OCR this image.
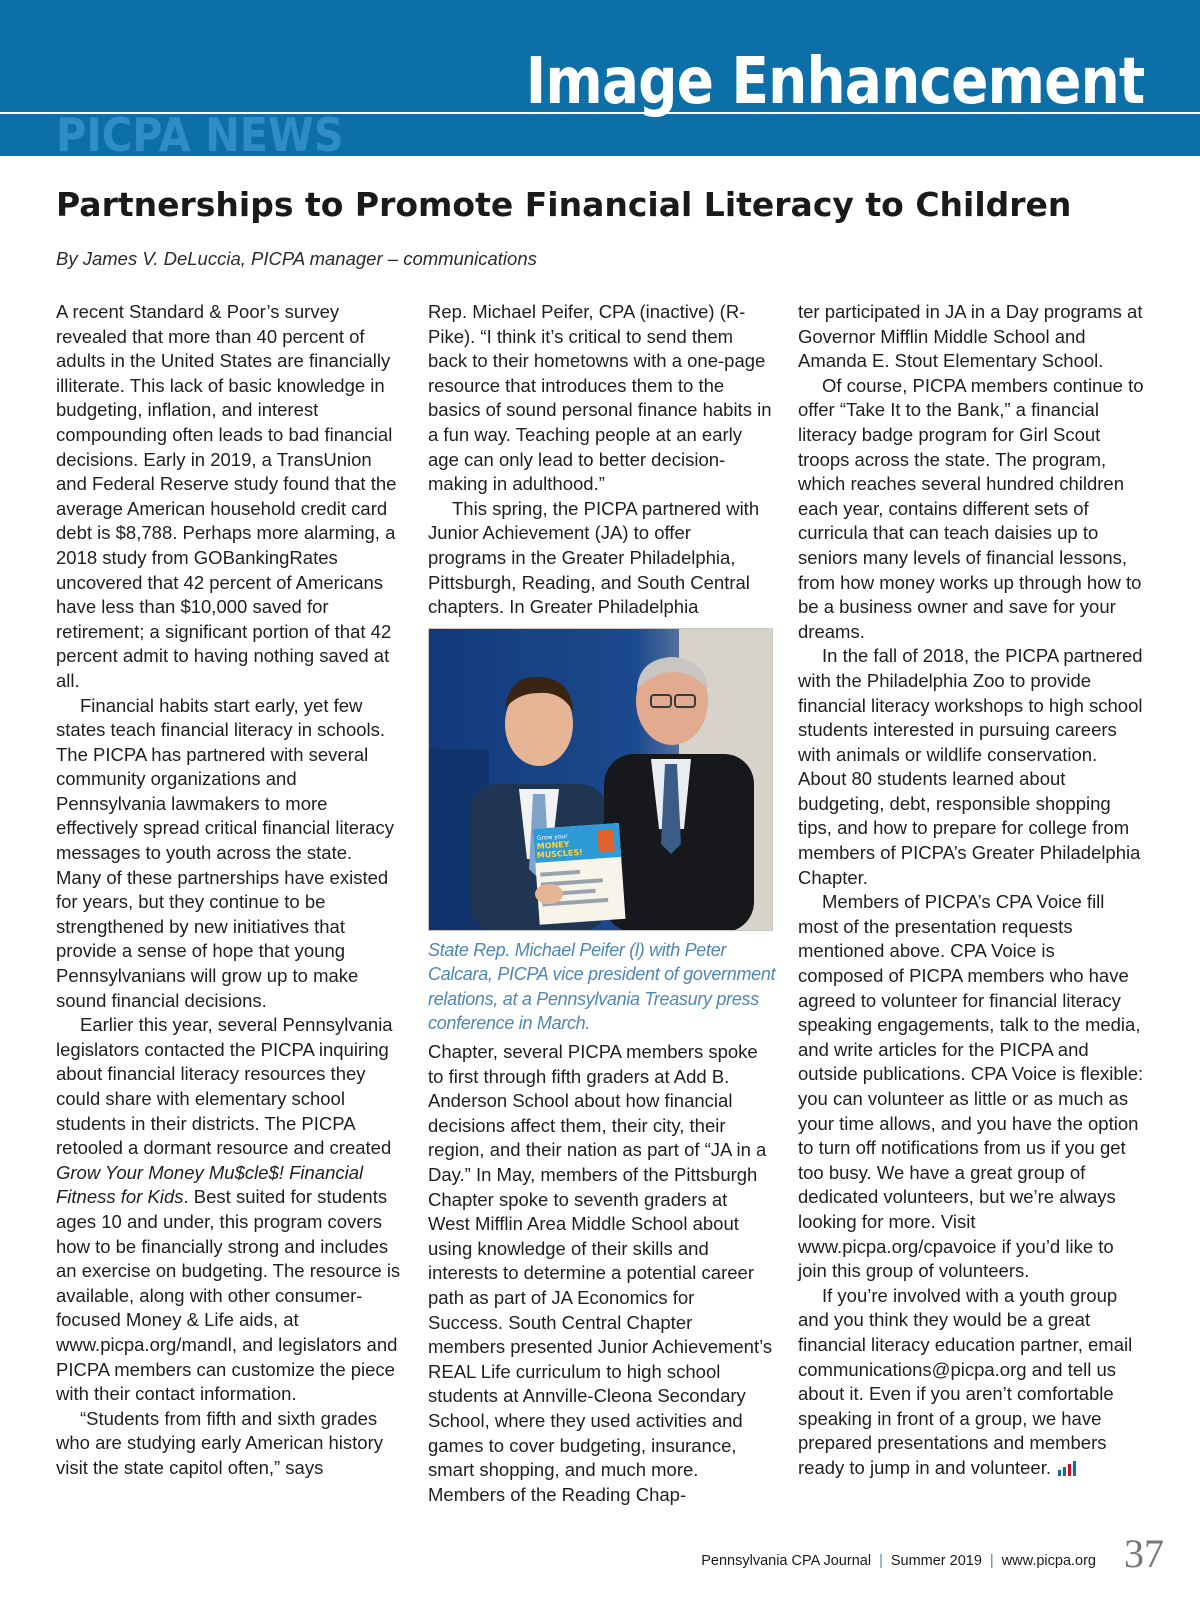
Image Enhancement
PICPA NEWS
Partnerships to Promote Financial Literacy to Children
By James V. DeLuccia, PICPA manager – communications

A recent Standard & Poor’s survey revealed that more than 40 percent of adults in the United States are financially illiterate. This lack of basic knowledge in budgeting, inflation, and interest compounding often leads to bad financial decisions. Early in 2019, a TransUnion and Federal Reserve study found that the average American household credit card debt is $8,788. Perhaps more alarming, a 2018 study from GOBankingRates uncovered that 42 percent of Americans have less than $10,000 saved for retirement; a significant portion of that 42 percent admit to having nothing saved at all.

Financial habits start early, yet few states teach financial literacy in schools. The PICPA has partnered with several community organizations and Pennsylvania lawmakers to more effectively spread critical financial literacy messages to youth across the state. Many of these partnerships have existed for years, but they continue to be strengthened by new initiatives that provide a sense of hope that young Pennsylvanians will grow up to make sound financial decisions.

Earlier this year, several Pennsylvania legislators contacted the PICPA inquiring about financial literacy resources they could share with elementary school students in their districts. The PICPA retooled a dormant resource and created Grow Your Money Mu$cle$! Financial Fitness for Kids. Best suited for students ages 10 and under, this program covers how to be financially strong and includes an exercise on budgeting. The resource is available, along with other consumer-focused Money & Life aids, at www.picpa.org/mandl, and legislators and PICPA members can customize the piece with their contact information.

“Students from fifth and sixth grades who are studying early American history visit the state capitol often,” says

Rep. Michael Peifer, CPA (inactive) (R-Pike). “I think it’s critical to send them back to their hometowns with a one-page resource that introduces them to the basics of sound personal finance habits in a fun way. Teaching people at an early age can only lead to better decision-making in adulthood.”

This spring, the PICPA partnered with Junior Achievement (JA) to offer programs in the Greater Philadelphia, Pittsburgh, Reading, and South Central chapters. In Greater Philadelphia

Grow your
MONEY
MUSCLES!
State Rep. Michael Peifer (l) with Peter Calcara, PICPA vice president of government relations, at a Pennsylvania Treasury press conference in March.

Chapter, several PICPA members spoke to first through fifth graders at Add B. Anderson School about how financial decisions affect them, their city, their region, and their nation as part of “JA in a Day.” In May, members of the Pittsburgh Chapter spoke to seventh graders at West Mifflin Area Middle School about using knowledge of their skills and interests to determine a potential career path as part of JA Economics for Success. South Central Chapter members presented Junior Achievement’s REAL Life curriculum to high school students at Annville-Cleona Secondary School, where they used activities and games to cover budgeting, insurance, smart shopping, and much more. Members of the Reading Chap-

ter participated in JA in a Day programs at Governor Mifflin Middle School and Amanda E. Stout Elementary School.

Of course, PICPA members continue to offer “Take It to the Bank,” a financial literacy badge program for Girl Scout troops across the state. The program, which reaches several hundred children each year, contains different sets of curricula that can teach daisies up to seniors many levels of financial lessons, from how money works up through how to be a business owner and save for your dreams.

In the fall of 2018, the PICPA partnered with the Philadelphia Zoo to provide financial literacy workshops to high school students interested in pursuing careers with animals or wildlife conservation. About 80 students learned about budgeting, debt, responsible shopping tips, and how to prepare for college from members of PICPA’s Greater Philadelphia Chapter.

Members of PICPA’s CPA Voice fill most of the presentation requests mentioned above. CPA Voice is composed of PICPA members who have agreed to volunteer for financial literacy speaking engagements, talk to the media, and write articles for the PICPA and outside publications. CPA Voice is flexible: you can volunteer as little or as much as your time allows, and you have the option to turn off notifications from us if you get too busy. We have a great group of dedicated volunteers, but we’re always looking for more. Visit www.picpa.org/cpavoice if you’d like to join this group of volunteers.

If you’re involved with a youth group and you think they would be a great financial literacy education partner, email communications@picpa.org and tell us about it. Even if you aren’t comfortable speaking in front of a group, we have prepared presentations and members ready to jump in and volunteer.

Pennsylvania CPA Journal | Summer 2019 | www.picpa.org 37
